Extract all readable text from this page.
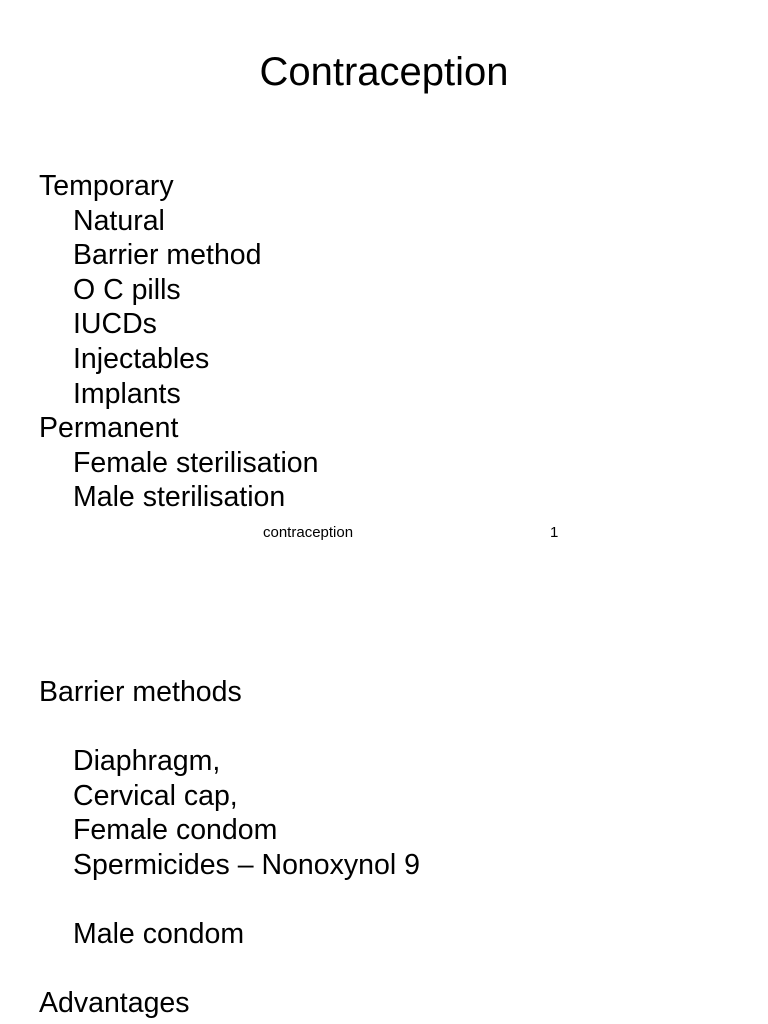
Contraception
Temporary
Natural
Barrier method
O C pills
IUCDs
Injectables
Implants
Permanent
Female sterilisation
Male sterilisation
contraception	1
Barrier methods
Diaphragm,
Cervical cap,
Female condom
Spermicides – Nonoxynol 9
Male condom
Advantages
